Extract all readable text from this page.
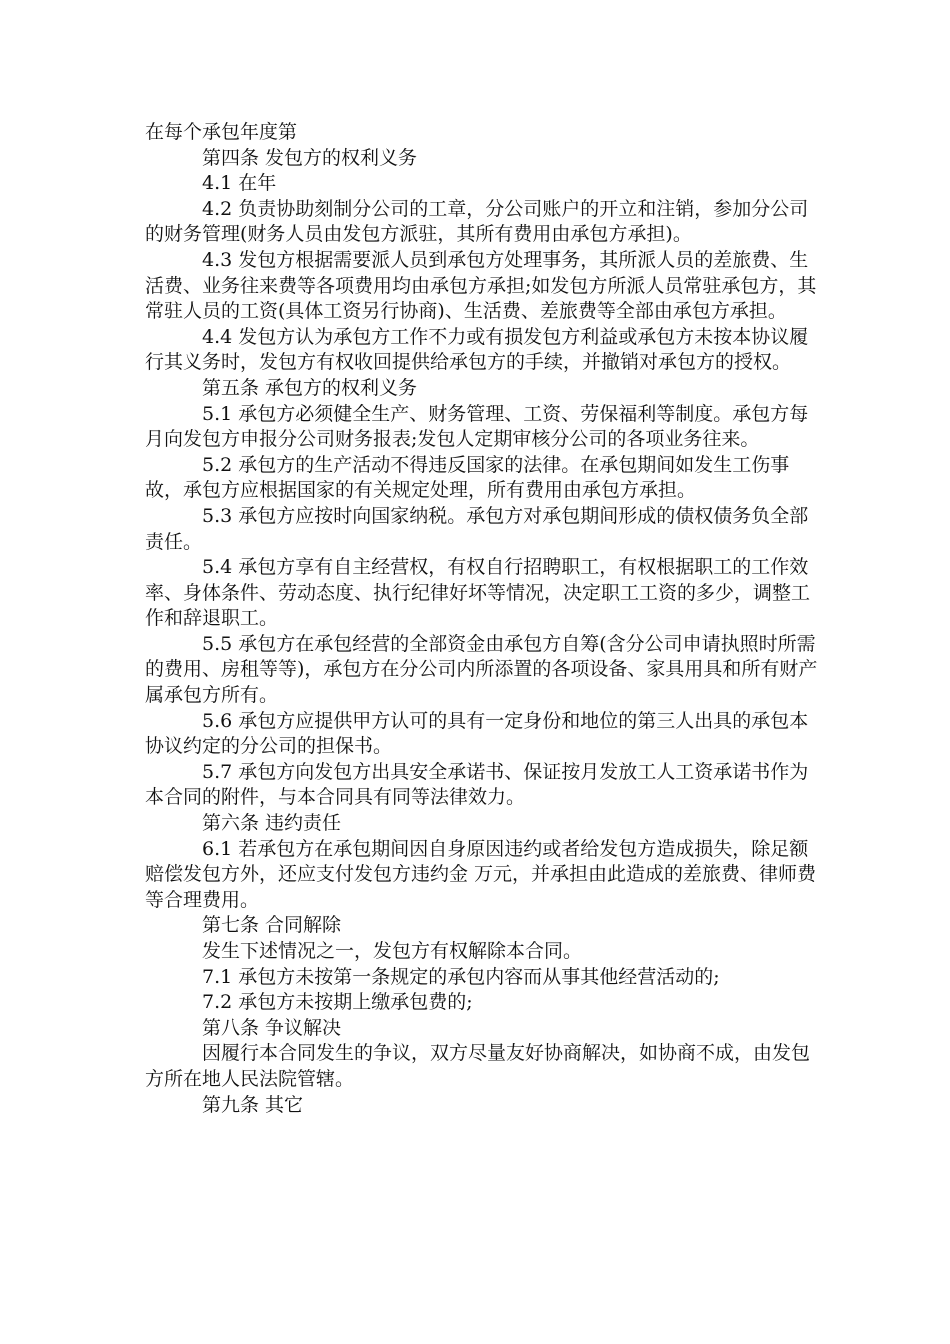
在每个承包年度第

第四条 发包方的权利义务

4.1 在年

4.2 负责协助刻制分公司的工章，分公司账户的开立和注销，参加分公司的财务管理(财务人员由发包方派驻，其所有费用由承包方承担)。

4.3 发包方根据需要派人员到承包方处理事务，其所派人员的差旅费、生活费、业务往来费等各项费用均由承包方承担;如发包方所派人员常驻承包方，其常驻人员的工资(具体工资另行协商)、生活费、差旅费等全部由承包方承担。

4.4 发包方认为承包方工作不力或有损发包方利益或承包方未按本协议履行其义务时，发包方有权收回提供给承包方的手续，并撤销对承包方的授权。

第五条 承包方的权利义务

5.1 承包方必须健全生产、财务管理、工资、劳保福利等制度。承包方每月向发包方申报分公司财务报表;发包人定期审核分公司的各项业务往来。

5.2 承包方的生产活动不得违反国家的法律。在承包期间如发生工伤事故，承包方应根据国家的有关规定处理，所有费用由承包方承担。

5.3 承包方应按时向国家纳税。承包方对承包期间形成的债权债务负全部责任。

5.4 承包方享有自主经营权，有权自行招聘职工，有权根据职工的工作效率、身体条件、劳动态度、执行纪律好坏等情况，决定职工工资的多少，调整工作和辞退职工。

5.5 承包方在承包经营的全部资金由承包方自筹(含分公司申请执照时所需的费用、房租等等)，承包方在分公司内所添置的各项设备、家具用具和所有财产属承包方所有。

5.6 承包方应提供甲方认可的具有一定身份和地位的第三人出具的承包本协议约定的分公司的担保书。

5.7 承包方向发包方出具安全承诺书、保证按月发放工人工资承诺书作为本合同的附件，与本合同具有同等法律效力。

第六条 违约责任

6.1 若承包方在承包期间因自身原因违约或者给发包方造成损失，除足额赔偿发包方外，还应支付发包方违约金 万元，并承担由此造成的差旅费、律师费等合理费用。

第七条 合同解除

发生下述情况之一，发包方有权解除本合同。

7.1 承包方未按第一条规定的承包内容而从事其他经营活动的;

7.2 承包方未按期上缴承包费的;

第八条 争议解决

因履行本合同发生的争议，双方尽量友好协商解决，如协商不成，由发包方所在地人民法院管辖。

第九条 其它
